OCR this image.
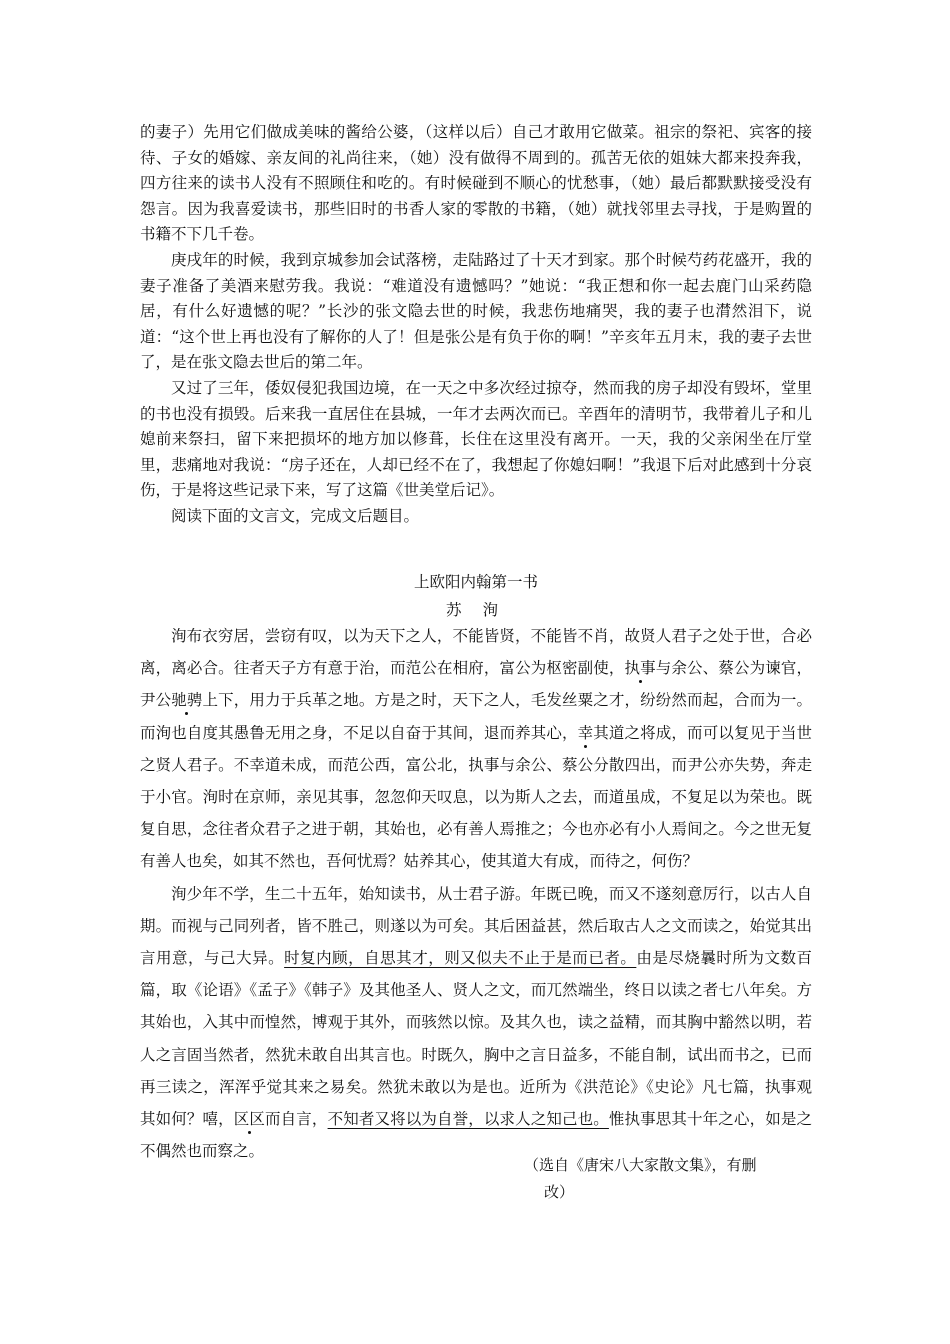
的妻子）先用它们做成美味的酱给公婆，（这样以后）自己才敢用它做菜。祖宗的祭祀、宾客的接待、子女的婚嫁、亲友间的礼尚往来，（她）没有做得不周到的。孤苦无依的姐妹大都来投奔我，四方往来的读书人没有不照顾住和吃的。有时候碰到不顺心的忧愁事，（她）最后都默默接受没有怨言。因为我喜爱读书，那些旧时的书香人家的零散的书籍，（她）就找邻里去寻找，于是购置的书籍不下几千卷。

庚戌年的时候，我到京城参加会试落榜，走陆路过了十天才到家。那个时候芍药花盛开，我的妻子准备了美酒来慰劳我。我说：“难道没有遗憾吗？”她说：“我正想和你一起去鹿门山采药隐居，有什么好遗憾的呢？”长沙的张文隐去世的时候，我悲伤地痛哭，我的妻子也潸然泪下，说道：“这个世上再也没有了解你的人了！但是张公是有负于你的啊！”辛亥年五月末，我的妻子去世了，是在张文隐去世后的第二年。

又过了三年，倭奴侵犯我国边境，在一天之中多次经过掠夺，然而我的房子却没有毁坏，堂里的书也没有损毁。后来我一直居住在县城，一年才去两次而已。辛酉年的清明节，我带着儿子和儿媳前来祭扫，留下来把损坏的地方加以修葺，长住在这里没有离开。一天，我的父亲闲坐在厅堂里，悲痛地对我说：“房子还在，人却已经不在了，我想起了你媳妇啊！”我退下后对此感到十分哀伤，于是将这些记录下来，写了这篇《世美堂后记》。

阅读下面的文言文，完成文后题目。

上欧阳内翰第一书
苏 洵

洵布衣穷居，尝窃有叹，以为天下之人，不能皆贤，不能皆不肖，故贤人君子之处于世，合必离，离必合。往者天子方有意于治，而范公在相府，富公为枢密副使，执事与余公、蔡公为谏官，尹公驰骋上下，用力于兵革之地。方是之时，天下之人，毛发丝粟之才，纷纷然而起，合而为一。而洵也自度其愚鲁无用之身，不足以自奋于其间，退而养其心，幸其道之将成，而可以复见于当世之贤人君子。不幸道未成，而范公西，富公北，执事与余公、蔡公分散四出，而尹公亦失势，奔走于小官。洵时在京师，亲见其事，忽忽仰天叹息，以为斯人之去，而道虽成，不复足以为荣也。既复自思，念往者众君子之进于朝，其始也，必有善人焉推之；今也亦必有小人焉间之。今之世无复有善人也矣，如其不然也，吾何忧焉？姑养其心，使其道大有成，而待之，何伤？

洵少年不学，生二十五年，始知读书，从士君子游。年既已晚，而又不遂刻意厉行，以古人自期。而视与己同列者，皆不胜己，则遂以为可矣。其后困益甚，然后取古人之文而读之，始觉其出言用意，与己大异。时复内顾，自思其才，则又似夫不止于是而已者。由是尽烧曩时所为文数百篇，取《论语》《孟子》《韩子》及其他圣人、贤人之文，而兀然端坐，终日以读之者七八年矣。方其始也，入其中而惶然，博观于其外，而骇然以惊。及其久也，读之益精，而其胸中豁然以明，若人之言固当然者，然犹未敢自出其言也。时既久，胸中之言日益多，不能自制，试出而书之，已而再三读之，浑浑乎觉其来之易矣。然犹未敢以为是也。近所为《洪范论》《史论》凡七篇，执事观其如何？嘻，区区而自言，不知者又将以为自誉，以求人之知己也。惟执事思其十年之心，如是之不偶然也而察之。

（选自《唐宋八大家散文集》，有删
改）
